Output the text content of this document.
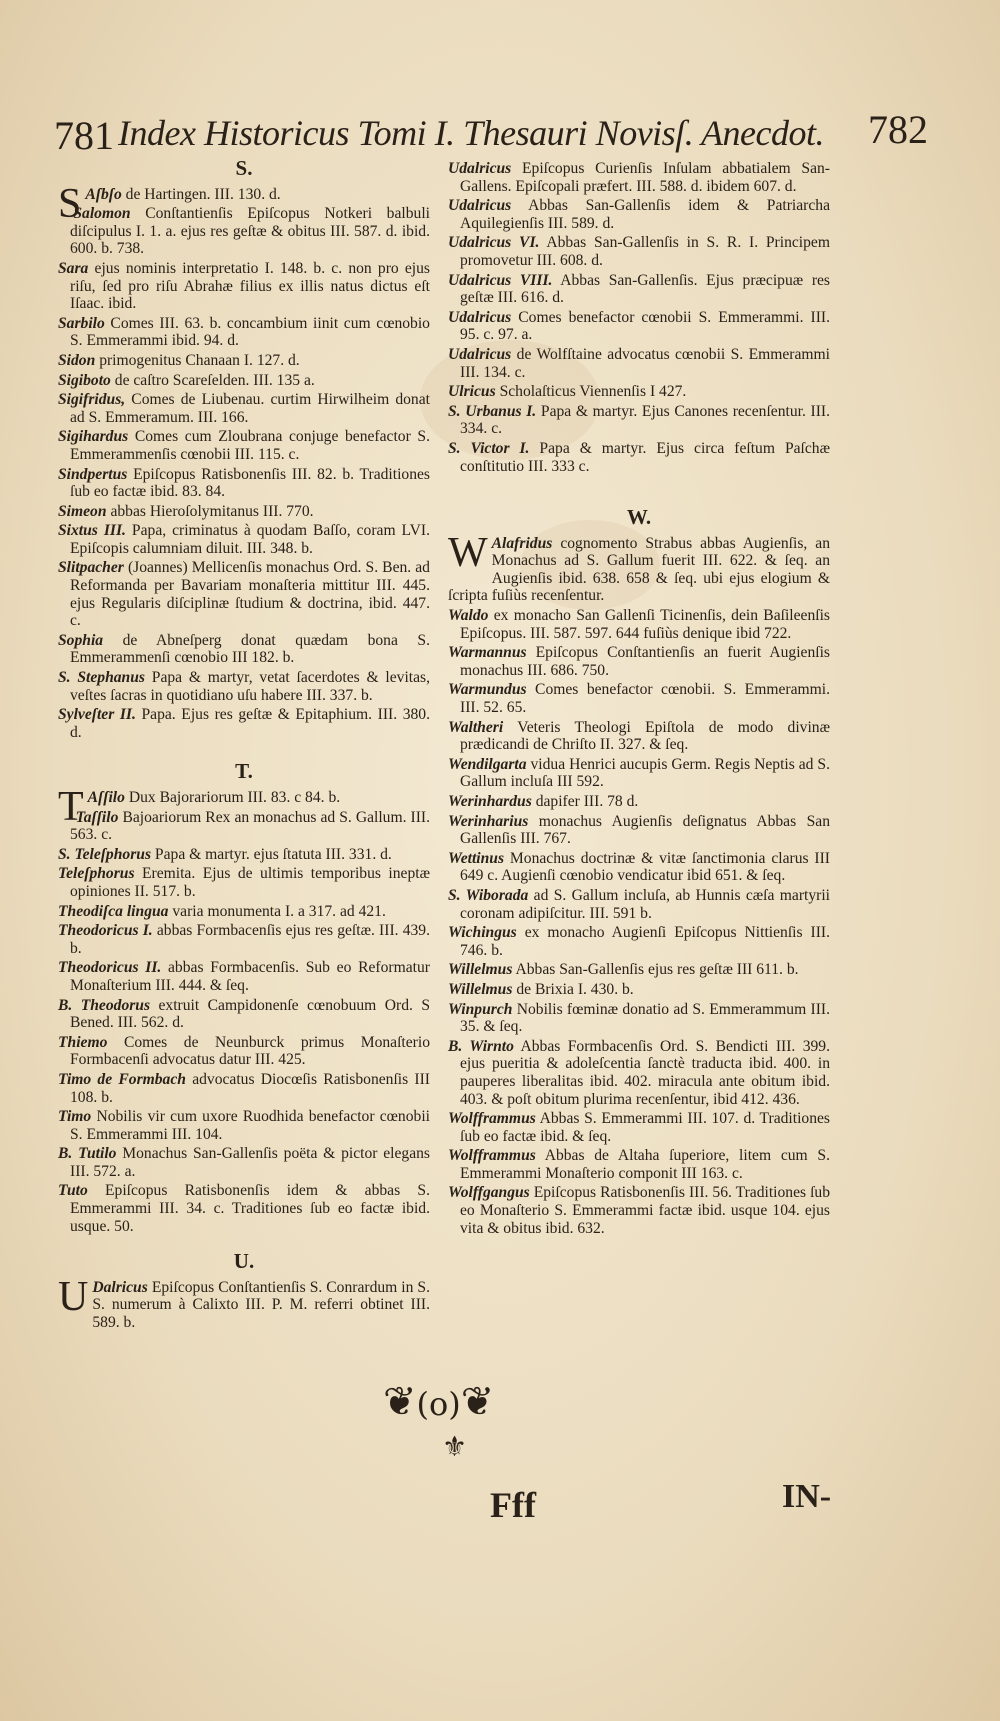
781 Index Historicus Tomi I. Thesauri Novisſ. Anecdot. 782
S.

S Aſbſo de Hartingen. III. 130. d.

Salomon Conſtantienſis Epiſcopus Notkeri balbuli diſcipulus I. 1. a. ejus res geſtæ & obitus III. 587. d. ibid. 600. b. 738.

Sara ejus nominis interpretatio I. 148. b. c. non pro ejus riſu, ſed pro riſu Abrahæ filius ex illis natus dictus eſt Iſaac. ibid.

Sarbilo Comes III. 63. b. concambium iinit cum cœnobio S. Emmerammi ibid. 94. d.

Sidon primogenitus Chanaan I. 127. d.

Sigiboto de caſtro Scareſelden. III. 135 a.

Sigifridus, Comes de Liubenau. curtim Hirwilheim donat ad S. Emmeramum. III. 166.

Sigihardus Comes cum Zloubrana conjuge benefactor S. Emmerammenſis cœnobii III. 115. c.

Sindpertus Epiſcopus Ratisbonenſis III. 82. b. Traditiones ſub eo factæ ibid. 83. 84.

Simeon abbas Hieroſolymitanus III. 770.

Sixtus III. Papa, criminatus à quodam Baſſo, coram LVI. Epiſcopis calumniam diluit. III. 348. b.

Slitpacher (Joannes) Mellicenſis monachus Ord. S. Ben. ad Reformanda per Bavariam monaſteria mittitur III. 445. ejus Regularis diſciplinæ ſtudium & doctrina, ibid. 447. c.

Sophia de Abneſperg donat quædam bona S. Emmerammenſi cœnobio III 182. b.

S. Stephanus Papa & martyr, vetat ſacerdotes & levitas, veſtes ſacras in quotidiano uſu habere III. 337. b.

Sylveſter II. Papa. Ejus res geſtæ & Epitaphium. III. 380. d.

T.

T Aſſilo Dux Bajorariorum III. 83. c 84. b.

Taſſilo Bajoariorum Rex an monachus ad S. Gallum. III. 563. c.

S. Teleſphorus Papa & martyr. ejus ſtatuta III. 331. d.

Teleſphorus Eremita. Ejus de ultimis temporibus ineptæ opiniones II. 517. b.

Theodiſca lingua varia monumenta I. a 317. ad 421.

Theodoricus I. abbas Formbacenſis ejus res geſtæ. III. 439. b.

Theodoricus II. abbas Formbacenſis. Sub eo Reformatur Monaſterium III. 444. & ſeq.

B. Theodorus extruit Campidonenſe cœnobuum Ord. S Bened. III. 562. d.

Thiemo Comes de Neunburck primus Monaſterio Formbacenſi advocatus datur III. 425.

Timo de Formbach advocatus Diocœſis Ratisbonenſis III 108. b.

Timo Nobilis vir cum uxore Ruodhida benefactor cœnobii S. Emmerammi III. 104.

B. Tutilo Monachus San-Gallenſis poëta & pictor elegans III. 572. a.

Tuto Epiſcopus Ratisbonenſis idem & abbas S. Emmerammi III. 34. c. Traditiones ſub eo factæ ibid. usque. 50.

U.

U Dalricus Epiſcopus Conſtantienſis S. Conrardum in S. S. numerum à Calixto III. P. M. referri obtinet III. 589. b.

Udalricus Epiſcopus Curienſis Inſulam abbatialem San-Gallens. Epiſcopali præfert. III. 588. d. ibidem 607. d.

Udalricus Abbas San-Gallenſis idem & Patriarcha Aquilegienſis III. 589. d.

Udalricus VI. Abbas San-Gallenſis in S. R. I. Principem promovetur III. 608. d.

Udalricus VIII. Abbas San-Gallenſis. Ejus præcipuæ res geſtæ III. 616. d.

Udalricus Comes benefactor cœnobii S. Emmerammi. III. 95. c. 97. a.

Udalricus de Wolfſtaine advocatus cœnobii S. Emmerammi III. 134. c.

Ulricus Scholaſticus Viennenſis I 427.

S. Urbanus I. Papa & martyr. Ejus Canones recenſentur. III. 334. c.

S. Victor I. Papa & martyr. Ejus circa feſtum Paſchæ conſtitutio III. 333 c.

W.

W Alafridus cognomento Strabus abbas Augienſis, an Monachus ad S. Gallum fuerit III. 622. & ſeq. an Augienſis ibid. 638. 658 & ſeq. ubi ejus elogium & ſcripta fuſiùs recenſentur.

Waldo ex monacho San Gallenſi Ticinenſis, dein Baſileenſis Epiſcopus. III. 587. 597. 644 fuſiùs denique ibid 722.

Warmannus Epiſcopus Conſtantienſis an fuerit Augienſis monachus III. 686. 750.

Warmundus Comes benefactor cœnobii. S. Emmerammi. III. 52. 65.

Waltheri Veteris Theologi Epiſtola de modo divinæ prædicandi de Chriſto II. 327. & ſeq.

Wendilgarta vidua Henrici aucupis Germ. Regis Neptis ad S. Gallum incluſa III 592.

Werinhardus dapifer III. 78 d.

Werinharius monachus Augienſis deſignatus Abbas San Gallenſis III. 767.

Wettinus Monachus doctrinæ & vitæ ſanctimonia clarus III 649 c. Augienſi cœnobio vendicatur ibid 651. & ſeq.

S. Wiborada ad S. Gallum incluſa, ab Hunnis cæſa martyrii coronam adipiſcitur. III. 591 b.

Wichingus ex monacho Augienſi Epiſcopus Nittienſis III. 746. b.

Willelmus Abbas San-Gallenſis ejus res geſtæ III 611. b.

Willelmus de Brixia I. 430. b.

Winpurch Nobilis fœminæ donatio ad S. Emmerammum III. 35. & ſeq.

B. Wirnto Abbas Formbacenſis Ord. S. Bendicti III. 399. ejus pueritia & adoleſcentia ſanctè traducta ibid. 400. in pauperes liberalitas ibid. 402. miracula ante obitum ibid. 403. & poſt obitum plurima recenſentur, ibid 412. 436.

Wolfframmus Abbas S. Emmerammi III. 107. d. Traditiones ſub eo factæ ibid. & ſeq.

Wolfframmus Abbas de Altaha ſuperiore, litem cum S. Emmerammi Monaſterio componit III 163. c.

Wolffgangus Epiſcopus Ratisbonenſis III. 56. Traditiones ſub eo Monaſterio S. Emmerammi factæ ibid. usque 104. ejus vita & obitus ibid. 632.

❦(o)❦
⚜
Fff	IN-
